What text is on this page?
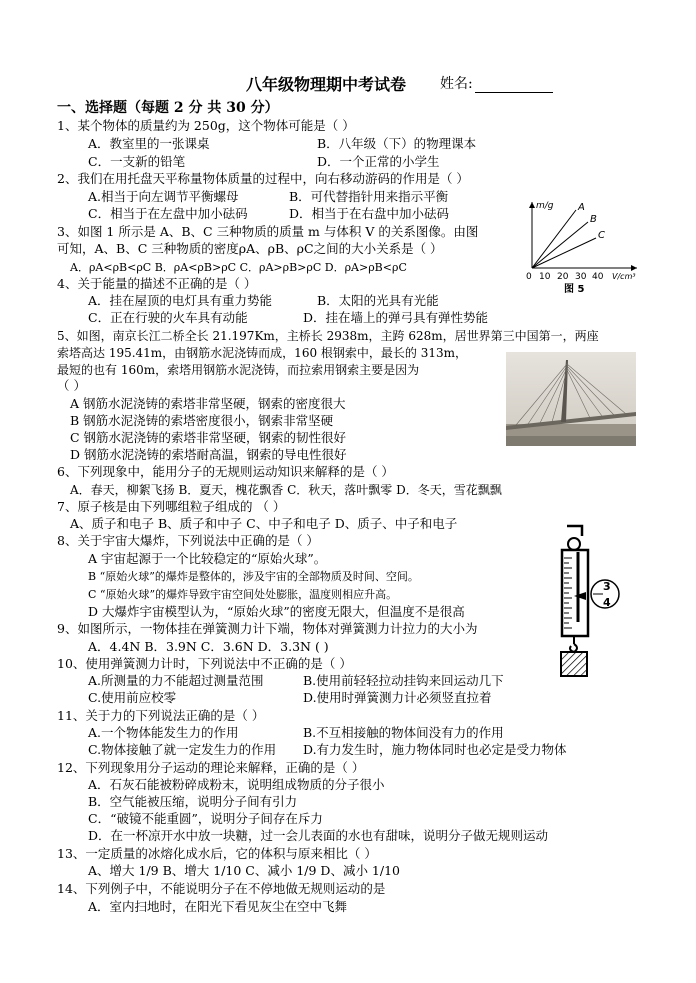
八年级物理期中考试卷 姓名:
一、选择题（每题 2 分 共 30 分）
1、某个物体的质量约为 250g，这个物体可能是（ ）
A．教室里的一张课桌	B．八年级（下）的物理课本
C．一支新的铅笔	D．一个正常的小学生
2、我们在用托盘天平称量物体质量的过程中，向右移动游码的作用是（ ）
A.相当于向左调节平衡螺母	B．可代替指针用来指示平衡
C．相当于在左盘中加小砝码	D．相当于在右盘中加小砝码
3、如图 1 所示是 A、B、C 三种物质的质量 m 与体积 V 的关系图像。由图
可知，A、B、C 三种物质的密度ρA、ρB、ρC之间的大小关系是（ ）
A．ρA<ρB<ρC B．ρA<ρB>ρC C．ρA>ρB>ρC D．ρA>ρB<ρC
4、关于能量的描述不正确的是（ ）
A．挂在屋顶的电灯具有重力势能	B．太阳的光具有光能
C．正在行驶的火车具有动能	D．挂在墙上的弹弓具有弹性势能
5、如图，南京长江二桥全长 21.197Km，主桥长 2938m，主跨 628m，居世界第三中国第一，两座
索塔高达 195.41m，由钢筋水泥浇铸而成，160 根钢索中，最长的 313m，
最短的也有 160m，索塔用钢筋水泥浇铸，而拉索用钢索主要是因为
（ ）
A 钢筋水泥浇铸的索塔非常坚硬，钢索的密度很大
B 钢筋水泥浇铸的索塔密度很小，钢索非常坚硬
C 钢筋水泥浇铸的索塔非常坚硬，钢索的韧性很好
D 钢筋水泥浇铸的索塔耐高温，钢索的导电性很好
6、下列现象中，能用分子的无规则运动知识来解释的是（ ）
A．春天，柳絮飞扬 B．夏天，槐花飘香 C．秋天，落叶飘零 D．冬天，雪花飘飘
7、原子核是由下列哪组粒子组成的 （ ）
A、质子和电子 B、质子和中子 C、中子和电子 D、质子、中子和电子
8、关于宇宙大爆炸，下列说法中正确的是（ ）
A 宇宙起源于一个比较稳定的“原始火球”。
B “原始火球”的爆炸是整体的，涉及宇宙的全部物质及时间、空间。
C “原始火球”的爆炸导致宇宙空间处处膨胀，温度则相应升高。
D 大爆炸宇宙模型认为，“原始火球”的密度无限大，但温度不是很高
9、如图所示，一物体挂在弹簧测力计下端，物体对弹簧测力计拉力的大小为
A．4.4N B．3.9N C．3.6N D．3.3N ( )
10、使用弹簧测力计时，下列说法中不正确的是（ ）
A.所测量的力不能超过测量范围	B.使用前轻轻拉动挂钩来回运动几下
C.使用前应校零	D.使用时弹簧测力计必须竖直拉着
11、关于力的下列说法正确的是（ ）
A.一个物体能发生力的作用	B.不互相接触的物体间没有力的作用
C.物体接触了就一定发生力的作用 D.有力发生时，施力物体同时也必定是受力物体
12、下列现象用分子运动的理论来解释，正确的是（ ）
A．石灰石能被粉碎成粉末，说明组成物质的分子很小
B．空气能被压缩，说明分子间有引力
C．“破镜不能重圆”，说明分子间存在斥力
D．在一杯凉开水中放一块糖，过一会儿表面的水也有甜味，说明分子做无规则运动
13、一定质量的冰熔化成水后，它的体积与原来相比（ ）
A、增大 1/9 B、增大 1/10 C、减小 1/9 D、减小 1/10
14、下列例子中，不能说明分子在不停地做无规则运动的是
A．室内扫地时，在阳光下看见灰尘在空中飞舞
m/g A
B
C
0 10 20 30 40 V/cm³
图 5
3
4
